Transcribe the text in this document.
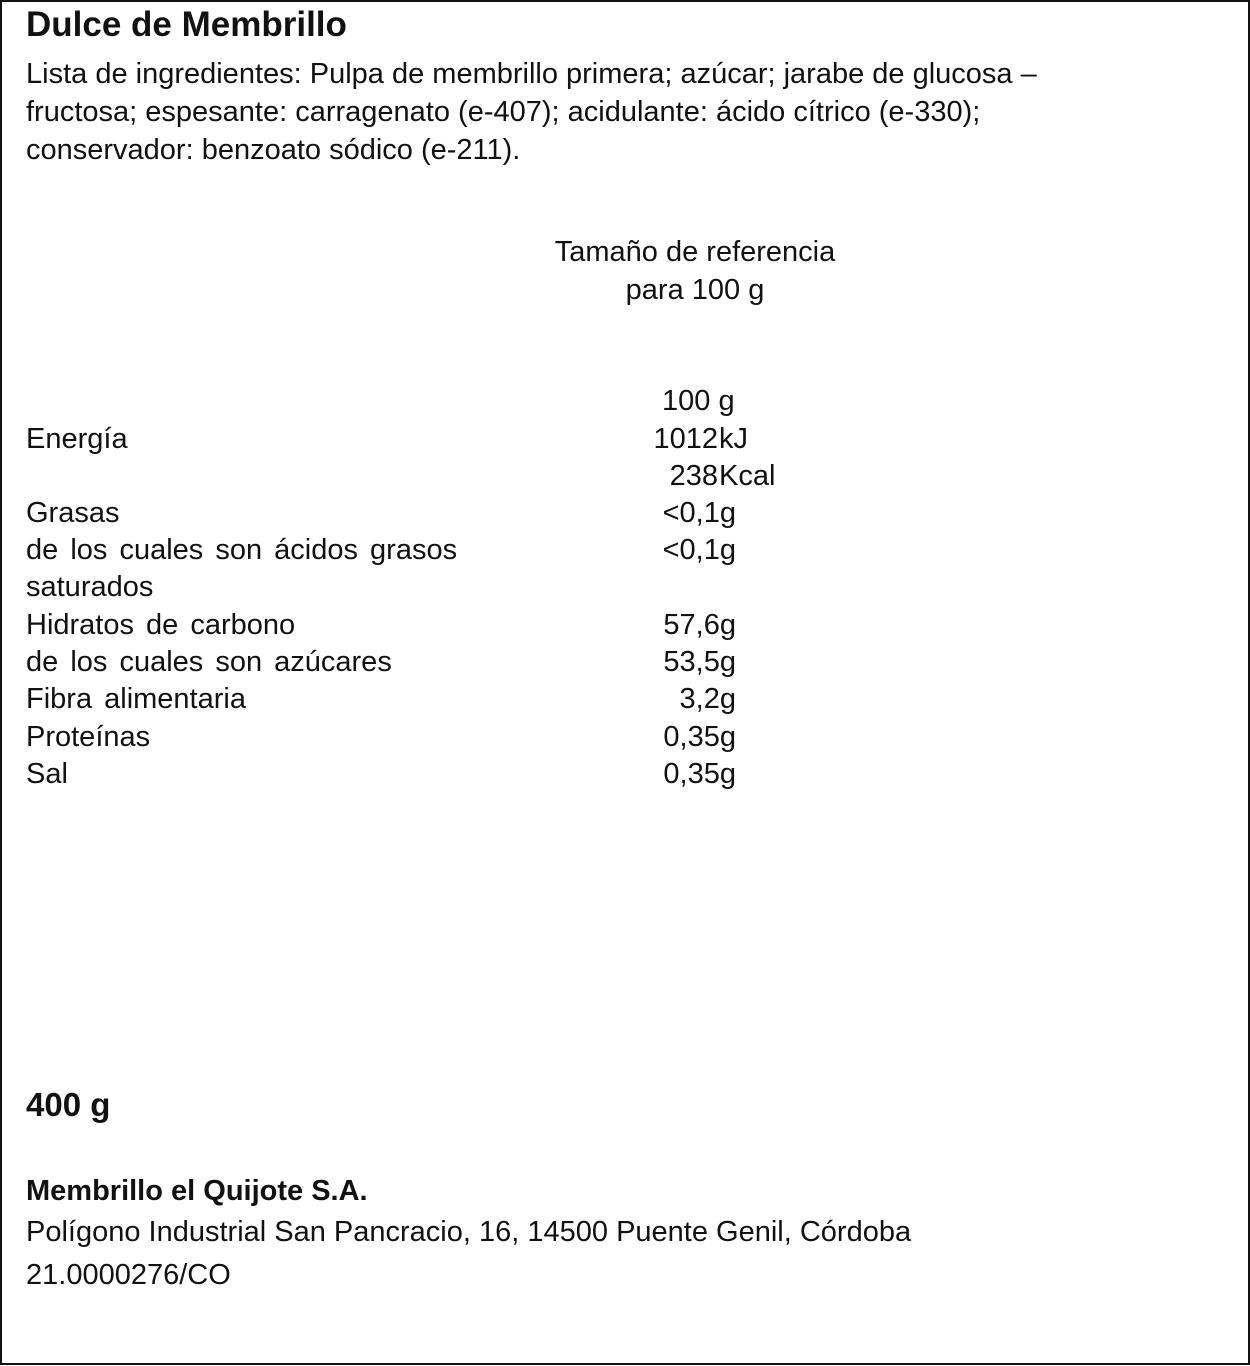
Dulce de Membrillo
Lista de ingredientes: Pulpa de membrillo primera; azúcar; jarabe de glucosa –
fructosa; espesante: carragenato (e-407); acidulante: ácido cítrico (e-330);
conservador: benzoato sódico (e-211).
Tamaño de referencia
para 100 g
100 g
Energía	1012 kJ
238 Kcal
Grasas	<0,1g
de los cuales son ácidos grasos
saturados
<0,1g
Hidratos de carbono	57,6g
de los cuales son azúcares	53,5g
Fibra alimentaria	3,2g
Proteínas	0,35g
Sal	0,35g
400 g
Membrillo el Quijote S.A.
Polígono Industrial San Pancracio, 16, 14500 Puente Genil, Córdoba
21.0000276/CO
